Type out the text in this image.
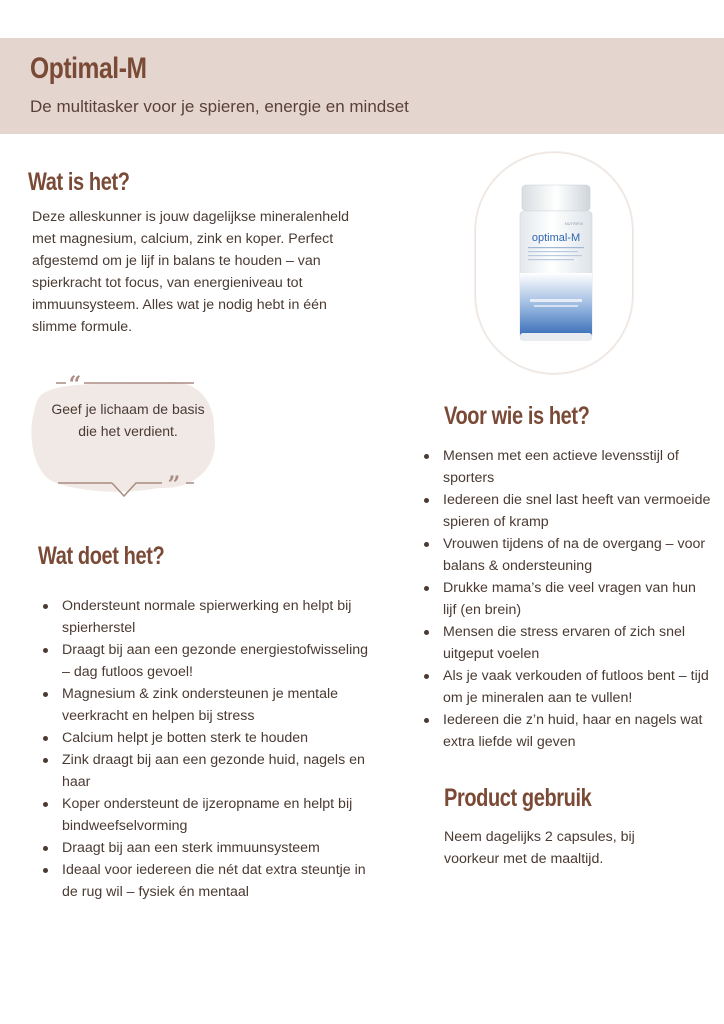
Optimal-M
De multitasker voor je spieren, energie en mindset
Wat is het?
Deze alleskunner is jouw dagelijkse mineralenheld met magnesium, calcium, zink en koper. Perfect afgestemd om je lijf in balans te houden – van spierkracht tot focus, van energieniveau tot immuunsysteem. Alles wat je nodig hebt in één slimme formule.
NUTRIFIX
optimal-M
“
”
Geef je lichaam de basis die het verdient.
Wat doet het?
Ondersteunt normale spierwerking en helpt bij spierherstel
Draagt bij aan een gezonde energiestofwisseling – dag futloos gevoel!
Magnesium & zink ondersteunen je mentale veerkracht en helpen bij stress
Calcium helpt je botten sterk te houden
Zink draagt bij aan een gezonde huid, nagels en haar
Koper ondersteunt de ijzeropname en helpt bij bindweefselvorming
Draagt bij aan een sterk immuunsysteem
Ideaal voor iedereen die nét dat extra steuntje in de rug wil – fysiek én mentaal
Voor wie is het?
Mensen met een actieve levensstijl of sporters
Iedereen die snel last heeft van vermoeide spieren of kramp
Vrouwen tijdens of na de overgang – voor balans & ondersteuning
Drukke mama’s die veel vragen van hun lijf (en brein)
Mensen die stress ervaren of zich snel uitgeput voelen
Als je vaak verkouden of futloos bent – tijd om je mineralen aan te vullen!
Iedereen die z’n huid, haar en nagels wat extra liefde wil geven
Product gebruik
Neem dagelijks 2 capsules, bij voorkeur met de maaltijd.
